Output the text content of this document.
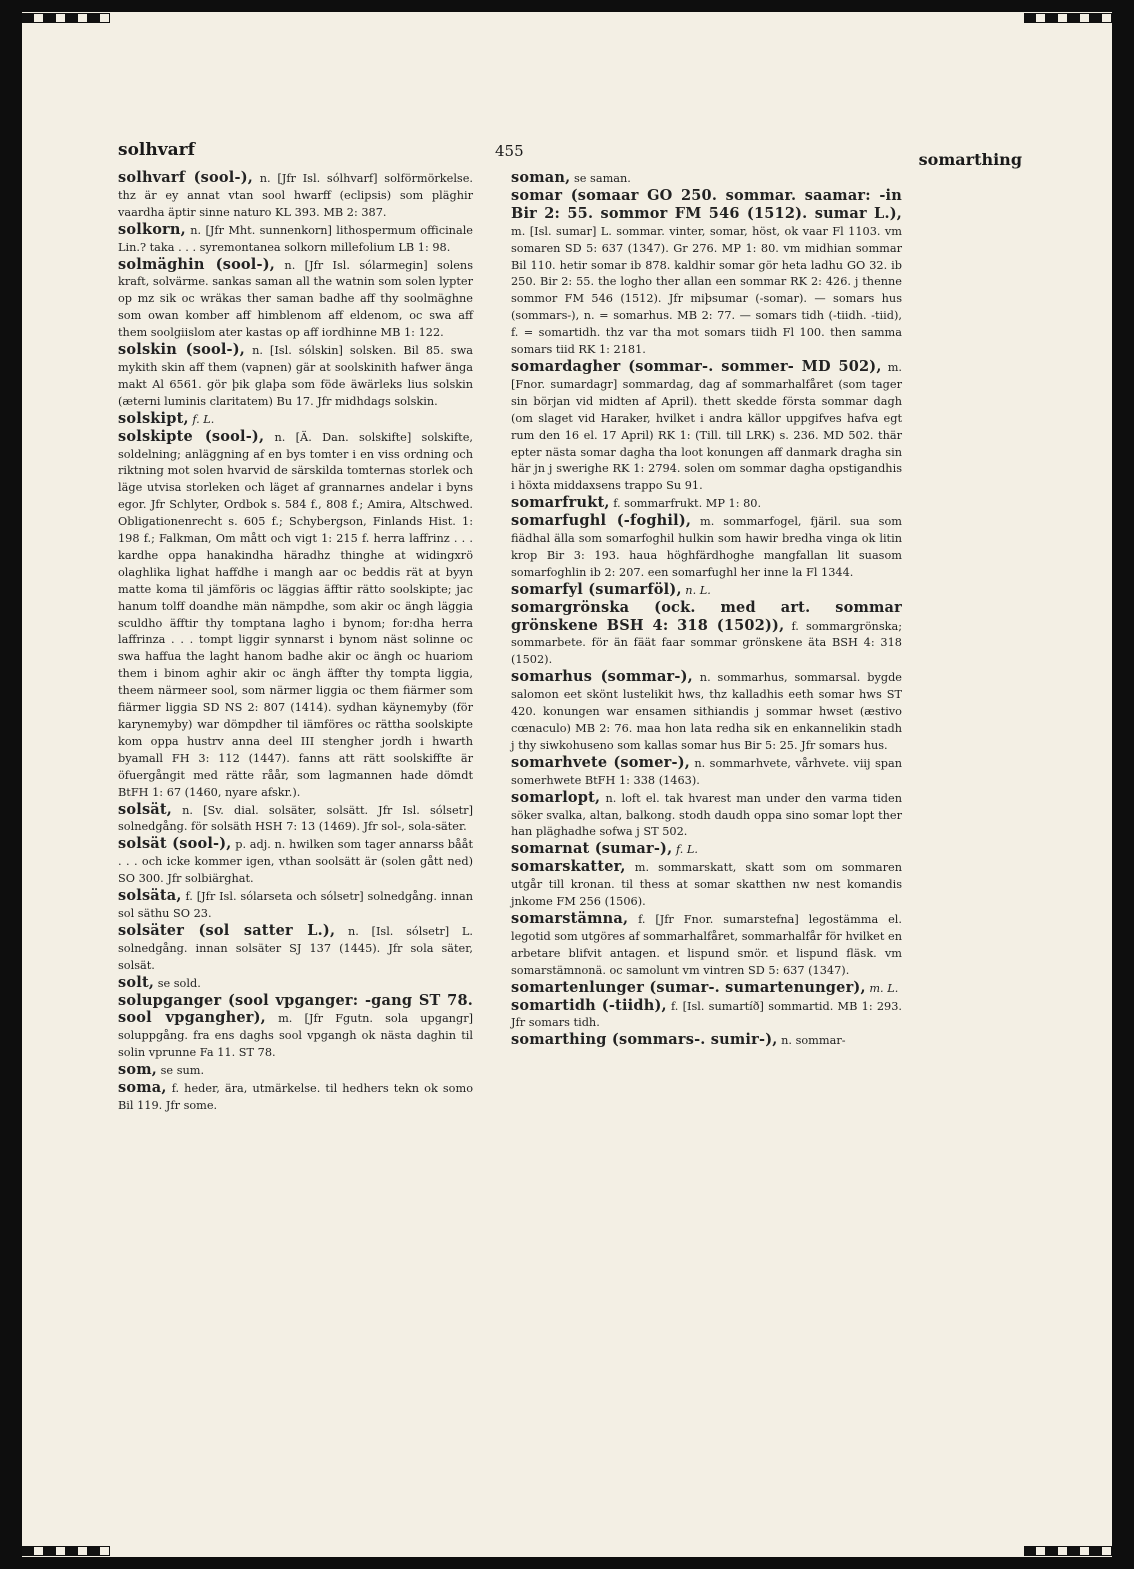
solhvarf	455	somarthing

solhvarf (sool-), n. [Jfr Isl. sólhvarf] solförmörkelse. thz är ey annat vtan sool hwarff (eclipsis) som pläghir vaardha äptir sinne naturo KL 393. MB 2: 387.

solkorn, n. [Jfr Mht. sunnenkorn] lithospermum officinale Lin.? taka . . . syremontanea solkorn millefolium LB 1: 98.

solmäghin (sool-), n. [Jfr Isl. sólarmegin] solens kraft, solvärme. sankas saman all the watnin som solen lypter op mz sik oc wräkas ther saman badhe aff thy soolmäghne som owan komber aff himblenom aff eldenom, oc swa aff them soolgiislom ater kastas op aff iordhinne MB 1: 122.

solskin (sool-), n. [Isl. sólskin] solsken. Bil 85. swa mykith skin aff them (vapnen) gär at soolskinith hafwer änga makt Al 6561. gör þik glaþa som föde äwärleks lius solskin (æterni luminis claritatem) Bu 17. Jfr midhdags solskin.

solskipt, f. L.

solskipte (sool-), n. [Ä. Dan. solskifte] solskifte, soldelning; anläggning af en bys tomter i en viss ordning och riktning mot solen hvarvid de särskilda tomternas storlek och läge utvisa storleken och läget af grannarnes andelar i byns egor. Jfr Schlyter, Ordbok s. 584 f., 808 f.; Amira, Altschwed. Obligationenrecht s. 605 f.; Schybergson, Finlands Hist. 1: 198 f.; Falkman, Om mått och vigt 1: 215 f. herra laffrinz . . . kardhe oppa hanakindha häradhz thinghe at widingxrö olaghlika lighat haffdhe i mangh aar oc beddis rät at byyn matte koma til jämföris oc läggias äfftir rätto soolskipte; jac hanum tolff doandhe män nämpdhe, som akir oc ängh läggia sculdho äfftir thy tomptana lagho i bynom; for:dha herra laffrinza . . . tompt liggir synnarst i bynom näst solinne oc swa haffua the laght hanom badhe akir oc ängh oc huariom them i binom aghir akir oc ängh äffter thy tompta liggia, theem närmeer sool, som närmer liggia oc them fiärmer som fiärmer liggia SD NS 2: 807 (1414). sydhan käynemyby (för karynemyby) war dömpdher til iämföres oc rättha soolskipte kom oppa hustrv anna deel III stengher jordh i hwarth byamall FH 3: 112 (1447). fanns att rätt soolskiffte är öfuergångit med rätte råår, som lagmannen hade dömdt BtFH 1: 67 (1460, nyare afskr.).

solsät, n. [Sv. dial. solsäter, solsätt. Jfr Isl. sólsetr] solnedgång. för solsäth HSH 7: 13 (1469). Jfr sol-, sola-säter.

solsät (sool-), p. adj. n. hwilken som tager annarss bååt . . . och icke kommer igen, vthan soolsätt är (solen gått ned) SO 300. Jfr solbiärghat.

solsäta, f. [Jfr Isl. sólarseta och sólsetr] solnedgång. innan sol säthu SO 23.

solsäter (sol satter L.), n. [Isl. sólsetr] L. solnedgång. innan solsäter SJ 137 (1445). Jfr sola säter, solsät.

solt, se sold.

solupganger (sool vpganger: -gang ST 78. sool vpgangher), m. [Jfr Fgutn. sola upgangr] soluppgång. fra ens daghs sool vpgangh ok nästa daghin til solin vprunne Fa 11. ST 78.

som, se sum.

soma, f. heder, ära, utmärkelse. til hedhers tekn ok somo Bil 119. Jfr some.

soman, se saman.

somar (somaar GO 250. sommar. saamar: -in Bir 2: 55. sommor FM 546 (1512). sumar L.), m. [Isl. sumar] L. sommar. vinter, somar, höst, ok vaar Fl 1103. vm somaren SD 5: 637 (1347). Gr 276. MP 1: 80. vm midhian sommar Bil 110. hetir somar ib 878. kaldhir somar gör heta ladhu GO 32. ib 250. Bir 2: 55. the logho ther allan een sommar RK 2: 426. j thenne sommor FM 546 (1512). Jfr miþsumar (-somar). — somars hus (sommars-), n. = somarhus. MB 2: 77. — somars tidh (-tiidh. -tiid), f. = somartidh. thz var tha mot somars tiidh Fl 100. then samma somars tiid RK 1: 2181.

somardagher (sommar-. sommer- MD 502), m. [Fnor. sumardagr] sommardag, dag af sommarhalfåret (som tager sin början vid midten af April). thett skedde första sommar dagh (om slaget vid Haraker, hvilket i andra källor uppgifves hafva egt rum den 16 el. 17 April) RK 1: (Till. till LRK) s. 236. MD 502. thär epter nästa somar dagha tha loot konungen aff danmark dragha sin här jn j swerighe RK 1: 2794. solen om sommar dagha opstigandhis i höxta middaxsens trappo Su 91.

somarfrukt, f. sommarfrukt. MP 1: 80.

somarfughl (-foghil), m. sommarfogel, fjäril. sua som fiädhal älla som somarfoghil hulkin som hawir bredha vinga ok litin krop Bir 3: 193. haua höghfärdhoghe mangfallan lit suasom somarfoghlin ib 2: 207. een somarfughl her inne la Fl 1344.

somarfyl (sumarföl), n. L.

somargrönska (ock. med art. sommar grönskene BSH 4: 318 (1502)), f. sommargrönska; sommarbete. för än fäät faar sommar grönskene äta BSH 4: 318 (1502).

somarhus (sommar-), n. sommarhus, sommarsal. bygde salomon eet skönt lustelikit hws, thz kalladhis eeth somar hws ST 420. konungen war ensamen sithiandis j sommar hwset (æstivo cœnaculo) MB 2: 76. maa hon lata redha sik en enkannelikin stadh j thy siwkohuseno som kallas somar hus Bir 5: 25. Jfr somars hus.

somarhvete (somer-), n. sommarhvete, vårhvete. viij span somerhwete BtFH 1: 338 (1463).

somarlopt, n. loft el. tak hvarest man under den varma tiden söker svalka, altan, balkong. stodh daudh oppa sino somar lopt ther han pläghadhe sofwa j ST 502.

somarnat (sumar-), f. L.

somarskatter, m. sommarskatt, skatt som om sommaren utgår till kronan. til thess at somar skatthen nw nest komandis jnkome FM 256 (1506).

somarstämna, f. [Jfr Fnor. sumarstefna] legostämma el. legotid som utgöres af sommarhalfåret, sommarhalfår för hvilket en arbetare blifvit antagen. et lispund smör. et lispund fläsk. vm somarstämnonä. oc samolunt vm vintren SD 5: 637 (1347).

somartenlunger (sumar-. sumartenunger), m. L.

somartidh (-tiidh), f. [Isl. sumartíð] sommartid. MB 1: 293. Jfr somars tidh.

somarthing (sommars-. sumir-), n. sommar-
